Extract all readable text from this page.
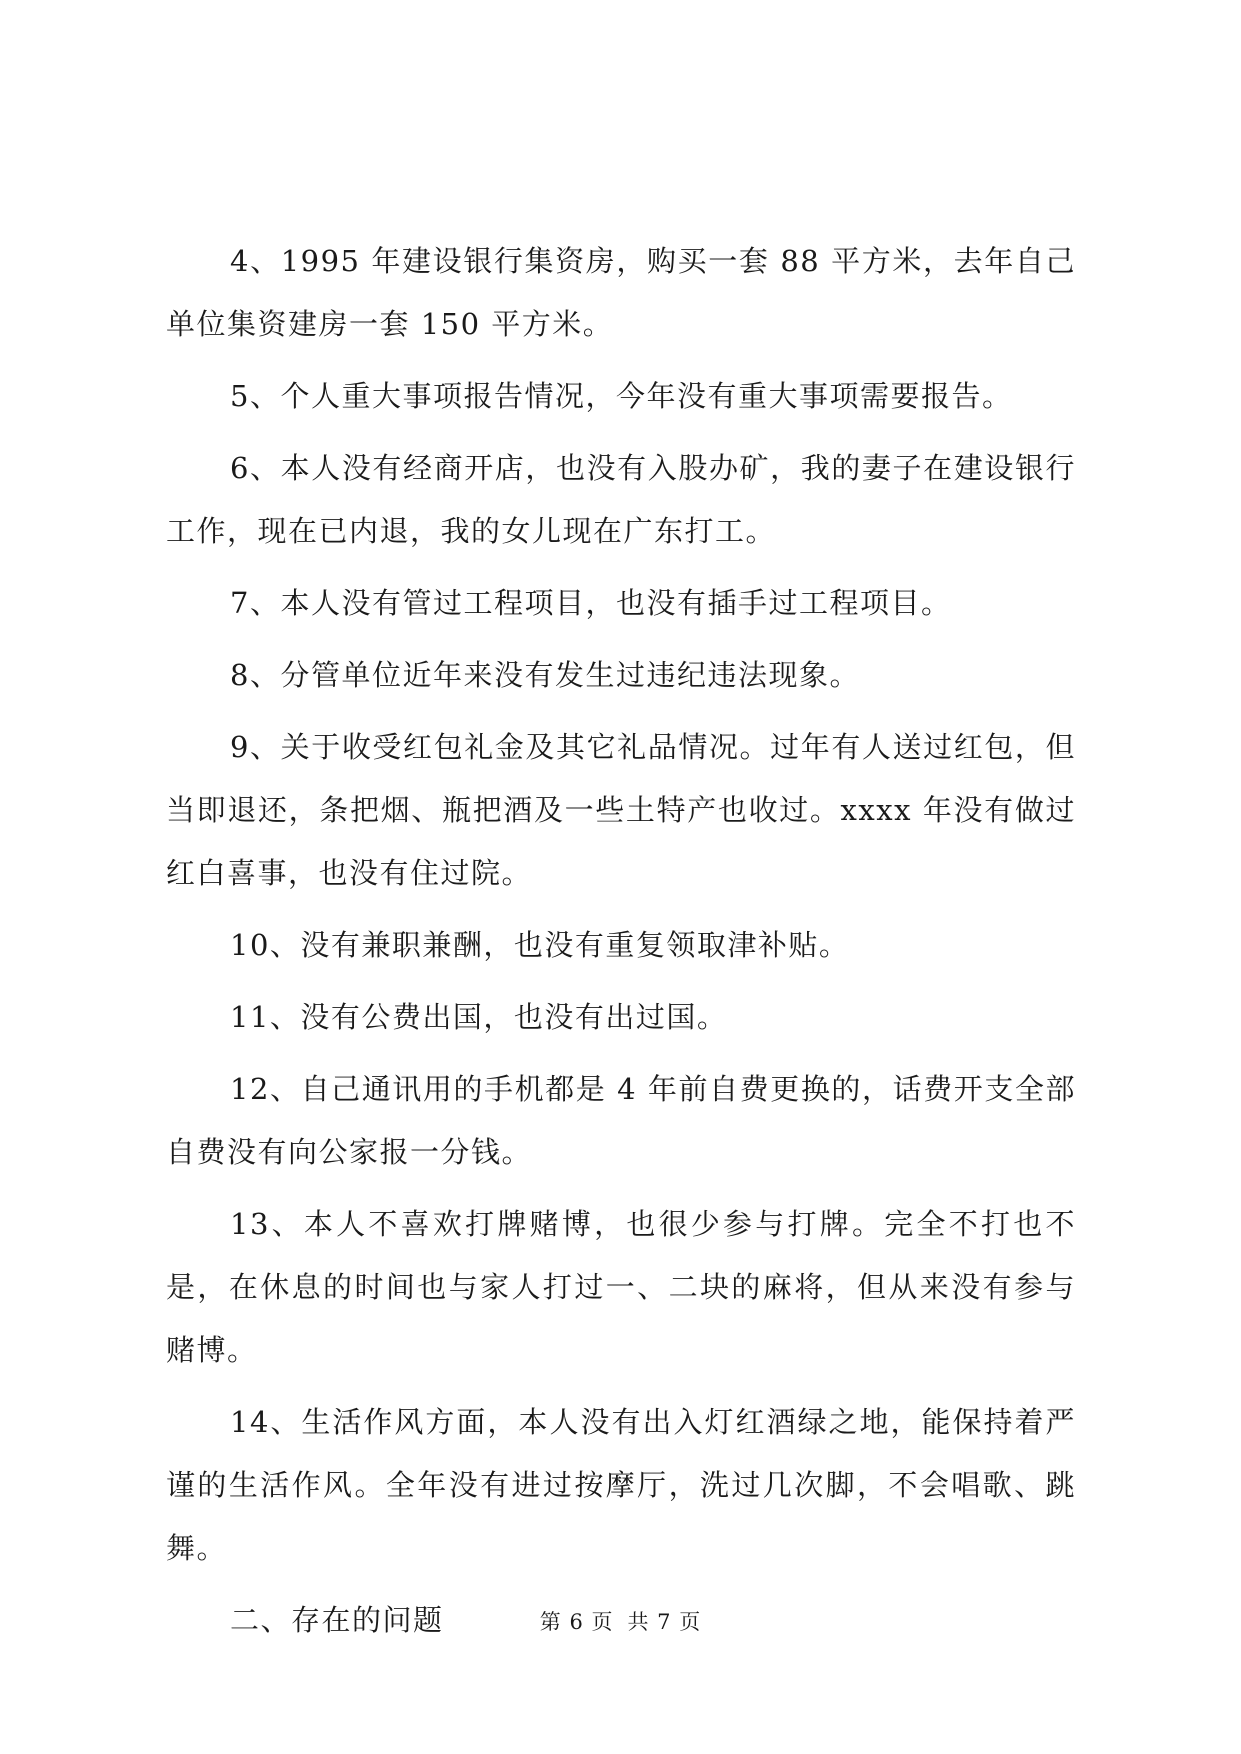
4、1995 年建设银行集资房，购买一套 88 平方米，去年自己单位集资建房一套 150 平方米。

5、个人重大事项报告情况，今年没有重大事项需要报告。

6、本人没有经商开店，也没有入股办矿，我的妻子在建设银行工作，现在已内退，我的女儿现在广东打工。

7、本人没有管过工程项目，也没有插手过工程项目。

8、分管单位近年来没有发生过违纪违法现象。

9、关于收受红包礼金及其它礼品情况。过年有人送过红包，但当即退还，条把烟、瓶把酒及一些土特产也收过。xxxx 年没有做过红白喜事，也没有住过院。

10、没有兼职兼酬，也没有重复领取津补贴。

11、没有公费出国，也没有出过国。

12、自己通讯用的手机都是 4 年前自费更换的，话费开支全部自费没有向公家报一分钱。

13、本人不喜欢打牌赌博，也很少参与打牌。完全不打也不是，在休息的时间也与家人打过一、二块的麻将，但从来没有参与赌博。

14、生活作风方面，本人没有出入灯红酒绿之地，能保持着严谨的生活作风。全年没有进过按摩厅，洗过几次脚，不会唱歌、跳舞。

二、存在的问题	第 6 页 共 7 页
